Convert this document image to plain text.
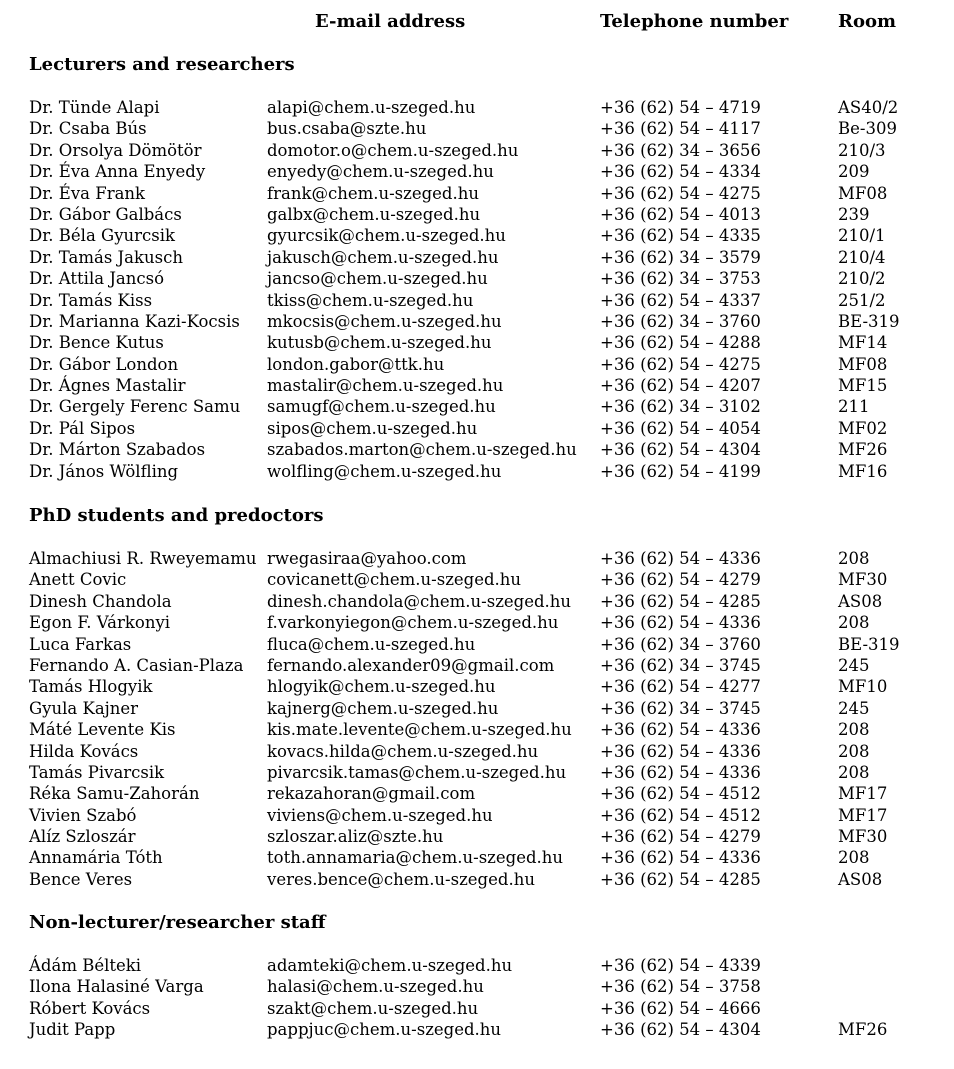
E-mail address	Telephone number	Room
Lecturers and researchers
Dr. Tünde Alapi	alapi@chem.u-szeged.hu	+36 (62) 54 – 4719	AS40/2
Dr. Csaba Bús	bus.csaba@szte.hu	+36 (62) 54 – 4117	Be-309
Dr. Orsolya Dömötör	domotor.o@chem.u-szeged.hu	+36 (62) 34 – 3656	210/3
Dr. Éva Anna Enyedy	enyedy@chem.u-szeged.hu	+36 (62) 54 – 4334	209
Dr. Éva Frank	frank@chem.u-szeged.hu	+36 (62) 54 – 4275	MF08
Dr. Gábor Galbács	galbx@chem.u-szeged.hu	+36 (62) 54 – 4013	239
Dr. Béla Gyurcsik	gyurcsik@chem.u-szeged.hu	+36 (62) 54 – 4335	210/1
Dr. Tamás Jakusch	jakusch@chem.u-szeged.hu	+36 (62) 34 – 3579	210/4
Dr. Attila Jancsó	jancso@chem.u-szeged.hu	+36 (62) 34 – 3753	210/2
Dr. Tamás Kiss	tkiss@chem.u-szeged.hu	+36 (62) 54 – 4337	251/2
Dr. Marianna Kazi-Kocsis mkocsis@chem.u-szeged.hu	+36 (62) 34 – 3760	BE-319
Dr. Bence Kutus	kutusb@chem.u-szeged.hu	+36 (62) 54 – 4288	MF14
Dr. Gábor London	london.gabor@ttk.hu	+36 (62) 54 – 4275	MF08
Dr. Ágnes Mastalir	mastalir@chem.u-szeged.hu	+36 (62) 54 – 4207	MF15
Dr. Gergely Ferenc Samu samugf@chem.u-szeged.hu	+36 (62) 34 – 3102	211
Dr. Pál Sipos	sipos@chem.u-szeged.hu	+36 (62) 54 – 4054	MF02
Dr. Márton Szabados	szabados.marton@chem.u-szeged.hu +36 (62) 54 – 4304	MF26
Dr. János Wölfling	wolfling@chem.u-szeged.hu	+36 (62) 54 – 4199	MF16
PhD students and predoctors
Almachiusi R. Rweyemamu rwegasiraa@yahoo.com	+36 (62) 54 – 4336	208
Anett Covic	covicanett@chem.u-szeged.hu	+36 (62) 54 – 4279	MF30
Dinesh Chandola	dinesh.chandola@chem.u-szeged.hu +36 (62) 54 – 4285	AS08
Egon F. Várkonyi	f.varkonyiegon@chem.u-szeged.hu	+36 (62) 54 – 4336	208
Luca Farkas	fluca@chem.u-szeged.hu	+36 (62) 34 – 3760	BE-319
Fernando A. Casian-Plaza fernando.alexander09@gmail.com	+36 (62) 34 – 3745	245
Tamás Hlogyik	hlogyik@chem.u-szeged.hu	+36 (62) 54 – 4277	MF10
Gyula Kajner	kajnerg@chem.u-szeged.hu	+36 (62) 34 – 3745	245
Máté Levente Kis	kis.mate.levente@chem.u-szeged.hu +36 (62) 54 – 4336	208
Hilda Kovács	kovacs.hilda@chem.u-szeged.hu	+36 (62) 54 – 4336	208
Tamás Pivarcsik	pivarcsik.tamas@chem.u-szeged.hu +36 (62) 54 – 4336	208
Réka Samu-Zahorán	rekazahoran@gmail.com	+36 (62) 54 – 4512	MF17
Vivien Szabó	viviens@chem.u-szeged.hu	+36 (62) 54 – 4512	MF17
Alíz Szloszár	szloszar.aliz@szte.hu	+36 (62) 54 – 4279	MF30
Annamária Tóth	toth.annamaria@chem.u-szeged.hu +36 (62) 54 – 4336	208
Bence Veres	veres.bence@chem.u-szeged.hu	+36 (62) 54 – 4285	AS08
Non-lecturer/researcher staff
Ádám Bélteki	adamteki@chem.u-szeged.hu	+36 (62) 54 – 4339
Ilona Halasiné Varga	halasi@chem.u-szeged.hu	+36 (62) 54 – 3758
Róbert Kovács	szakt@chem.u-szeged.hu	+36 (62) 54 – 4666
Judit Papp	pappjuc@chem.u-szeged.hu	+36 (62) 54 – 4304	MF26
